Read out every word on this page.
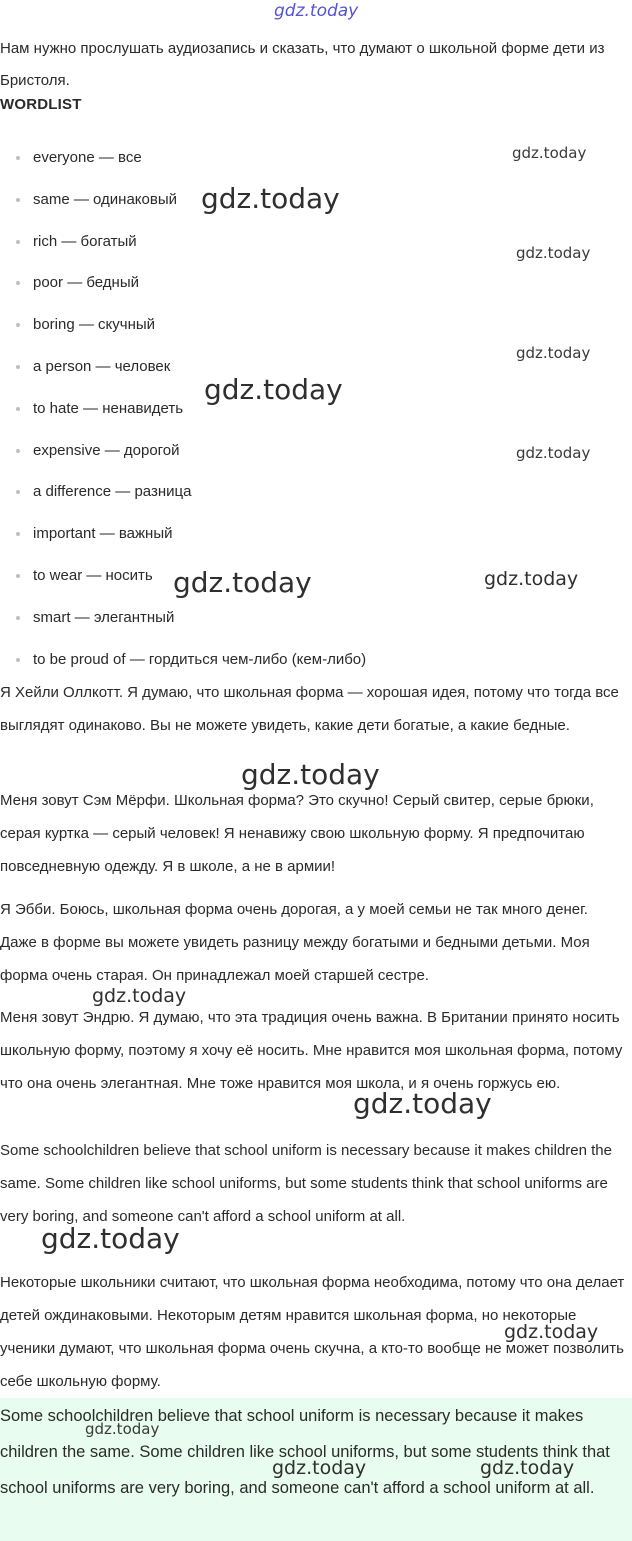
Some schoolchildren believe that school uniform is necessary because it makes children the same. Some children like school uniforms, but some students think that school uniforms are very boring, and someone can't afford a school uniform at all.

Нам нужно прослушать аудиозапись и сказать, что думают о школьной форме дети из Бристоля.
WORDLIST
everyone — все
same — одинаковый
rich — богатый
poor — бедный
boring — скучный
a person — человек
to hate — ненавидеть
expensive — дорогой
a difference — разница
important — важный
to wear — носить
smart — элегантный
to be proud of — гордиться чем-либо (кем-либо)
Я Хейли Оллкотт. Я думаю, что школьная форма — хорошая идея, потому что тогда все выглядят одинаково. Вы не можете увидеть, какие дети богатые, а какие бедные.
Меня зовут Сэм Мёрфи. Школьная форма? Это скучно! Серый свитер, серые брюки, серая куртка — серый человек! Я ненавижу свою школьную форму. Я предпочитаю повседневную одежду. Я в школе, а не в армии!
Я Эбби. Боюсь, школьная форма очень дорогая, а у моей семьи не так много денег. Даже в форме вы можете увидеть разницу между богатыми и бедными детьми. Моя форма очень старая. Он принадлежал моей старшей сестре.
Меня зовут Эндрю. Я думаю, что эта традиция очень важна. В Британии принято носить школьную форму, поэтому я хочу её носить. Мне нравится моя школьная форма, потому что она очень элегантная. Мне тоже нравится моя школа, и я очень горжусь ею.
Some schoolchildren believe that school uniform is necessary because it makes children the same. Some children like school uniforms, but some students think that school uniforms are very boring, and someone can't afford a school uniform at all.
Некоторые школьники считают, что школьная форма необходима, потому что она делает детей ождинаковыми. Некоторым детям нравится школьная форма, но некоторые ученики думают, что школьная форма очень скучна, а кто-то вообще не может позволить себе школьную форму.
gdz.today
gdz.today
gdz.today
gdz.today
gdz.today
gdz.today
gdz.today
gdz.today
gdz.today
gdz.today
gdz.today
gdz.today
gdz.today
gdz.today
gdz.today
gdz.today	gdz.today
